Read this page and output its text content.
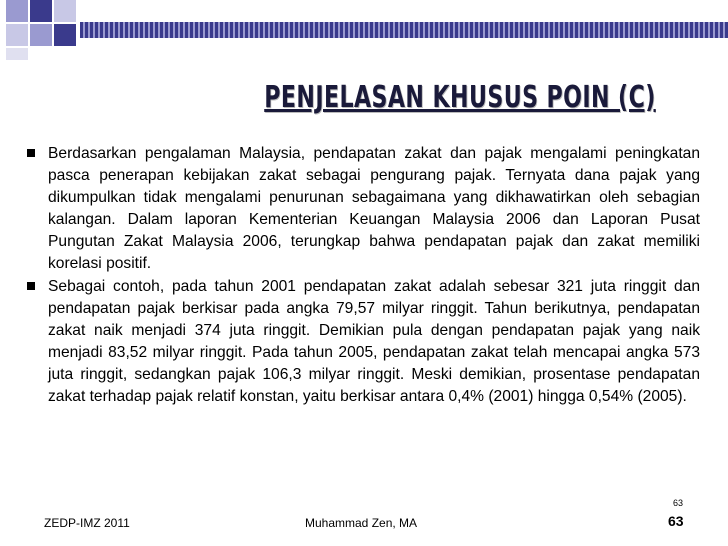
PENJELASAN KHUSUS POIN (C)
Berdasarkan pengalaman Malaysia, pendapatan zakat dan pajak mengalami peningkatan pasca penerapan kebijakan zakat sebagai pengurang pajak. Ternyata dana pajak yang dikumpulkan tidak mengalami penurunan sebagaimana yang dikhawatirkan oleh sebagian kalangan. Dalam laporan Kementerian Keuangan Malaysia 2006 dan Laporan Pusat Pungutan Zakat Malaysia 2006, terungkap bahwa pendapatan pajak dan zakat memiliki korelasi positif.
Sebagai contoh, pada tahun 2001 pendapatan zakat adalah sebesar 321 juta ringgit dan pendapatan pajak berkisar pada angka 79,57 milyar ringgit. Tahun berikutnya, pendapatan zakat naik menjadi 374 juta ringgit. Demikian pula dengan pendapatan pajak yang naik menjadi 83,52 milyar ringgit. Pada tahun 2005, pendapatan zakat telah mencapai angka 573 juta ringgit, sedangkan pajak 106,3 milyar ringgit. Meski demikian, prosentase pendapatan zakat terhadap pajak relatif konstan, yaitu berkisar antara 0,4% (2001) hingga 0,54% (2005).
ZEDP-IMZ 2011	Muhammad Zen, MA
63
63
